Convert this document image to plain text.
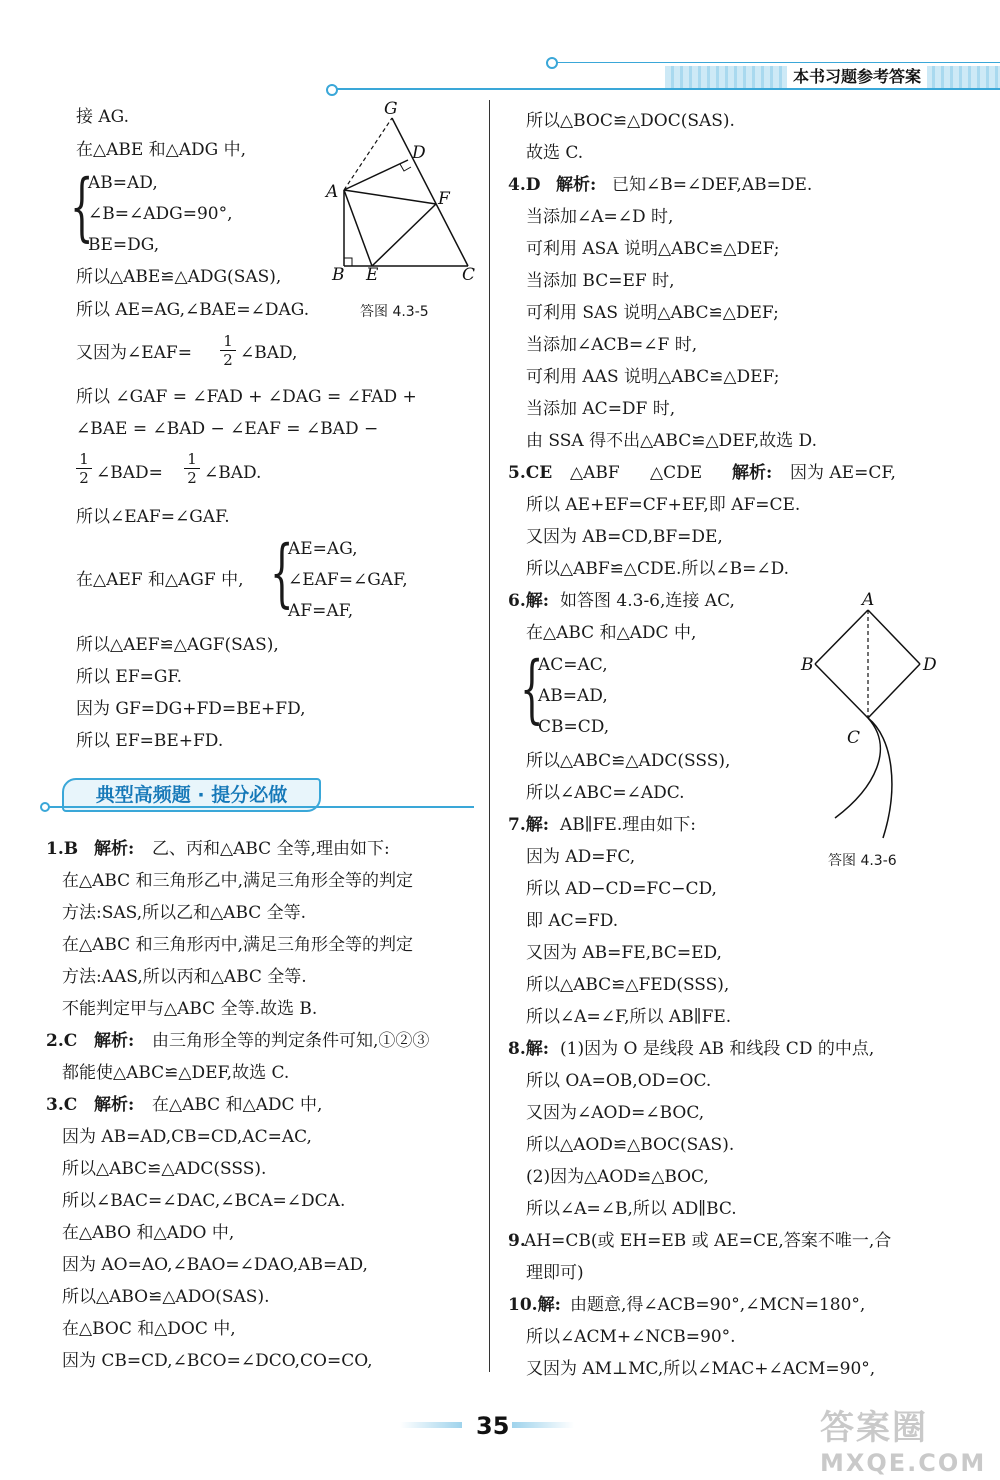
本书习题参考答案
接 AG.
在△ABE 和△ADG 中,
{
AB=AD,
∠B=∠ADG=90°,
BE=DG,
所以△ABE≌△ADG(SAS),
所以 AE=AG,∠BAE=∠DAG.	答图 4.3-5
又因为∠EAF= $\frac{1}{2}$ ∠BAD,
所以 ∠GAF = ∠FAD + ∠DAG = ∠FAD +
∠BAE = ∠BAD − ∠EAF = ∠BAD −
$\frac{1}{2}$ ∠BAD= $\frac{1}{2}$ ∠BAD.
所以∠EAF=∠GAF.
在△AEF 和△AGF 中, {
AE=AG,
∠EAF=∠GAF,
AF=AF,
所以△AEF≌△AGF(SAS),
所以 EF=GF.
因为 GF=DG+FD=BE+FD,
所以 EF=BE+FD.
典型高频题 · 提分必做
1.B 解析: 乙、丙和△ABC 全等,理由如下:
在△ABC 和三角形乙中,满足三角形全等的判定
方法:SAS,所以乙和△ABC 全等.
在△ABC 和三角形丙中,满足三角形全等的判定
方法:AAS,所以丙和△ABC 全等.
不能判定甲与△ABC 全等.故选 B.
2.C 解析: 由三角形全等的判定条件可知,①②③
都能使△ABC≌△DEF,故选 C.
3.C 解析: 在△ABC 和△ADC 中,
因为 AB=AD,CB=CD,AC=AC,
所以△ABC≌△ADC(SSS).
所以∠BAC=∠DAC,∠BCA=∠DCA.
在△ABO 和△ADO 中,
因为 AO=AO,∠BAO=∠DAO,AB=AD,
所以△ABO≌△ADO(SAS).
在△BOC 和△DOC 中,
因为 CB=CD,∠BCO=∠DCO,CO=CO,
G
D
A	F
B E	C
所以△BOC≌△DOC(SAS).
故选 C.
4.D 解析: 已知∠B=∠DEF,AB=DE.
当添加∠A=∠D 时,
可利用 ASA 说明△ABC≌△DEF;
当添加 BC=EF 时,
可利用 SAS 说明△ABC≌△DEF;
当添加∠ACB=∠F 时,
可利用 AAS 说明△ABC≌△DEF;
当添加 AC=DF 时,
由 SSA 得不出△ABC≌△DEF,故选 D.
5.CE △ABF △CDE 解析: 因为 AE=CF,
所以 AE+EF=CF+EF,即 AF=CE.
又因为 AB=CD,BF=DE,
所以△ABF≌△CDE.所以∠B=∠D.
6.解: 如答图 4.3-6,连接 AC,
在△ABC 和△ADC 中,
{
AC=AC,
AB=AD,
CB=CD,
所以△ABC≌△ADC(SSS),
所以∠ABC=∠ADC.
7.解: AB∥FE.理由如下:
因为 AD=FC,
所以 AD−CD=FC−CD,
即 AC=FD.
又因为 AB=FE,BC=ED,
所以△ABC≌△FED(SSS),
所以∠A=∠F,所以 AB∥FE.
答图 4.3-6
8.解: (1)因为 O 是线段 AB 和线段 CD 的中点,
所以 OA=OB,OD=OC.
又因为∠AOD=∠BOC,
所以△AOD≌△BOC(SAS).
(2)因为△AOD≌△BOC,
所以∠A=∠B,所以 AD∥BC.
9.
AH=CB(或 EH=EB 或 AE=CE,答案不唯一,合
理即可)
10.解: 由题意,得∠ACB=90°,∠MCN=180°,
所以∠ACM+∠NCB=90°.
又因为 AM⊥MC,所以∠MAC+∠ACM=90°,
A
B	D
C
35	答案圈
MXQE.COM
